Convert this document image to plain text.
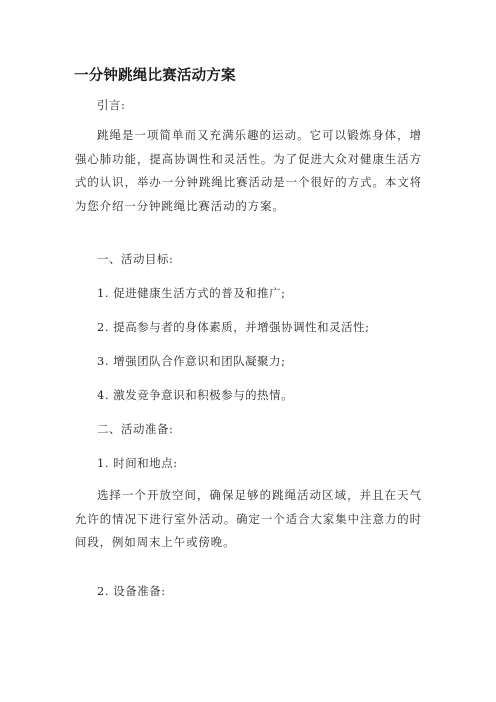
一分钟跳绳比赛活动方案
引言:
跳绳是一项简单而又充满乐趣的运动。它可以锻炼身体，增强心肺功能，提高协调性和灵活性。为了促进大众对健康生活方式的认识，举办一分钟跳绳比赛活动是一个很好的方式。本文将为您介绍一分钟跳绳比赛活动的方案。
一、活动目标:
1. 促进健康生活方式的普及和推广;
2. 提高参与者的身体素质，并增强协调性和灵活性;
3. 增强团队合作意识和团队凝聚力;
4. 激发竞争意识和积极参与的热情。
二、活动准备:
1. 时间和地点:
选择一个开放空间，确保足够的跳绳活动区域，并且在天气允许的情况下进行室外活动。确定一个适合大家集中注意力的时间段，例如周末上午或傍晚。
2. 设备准备:
